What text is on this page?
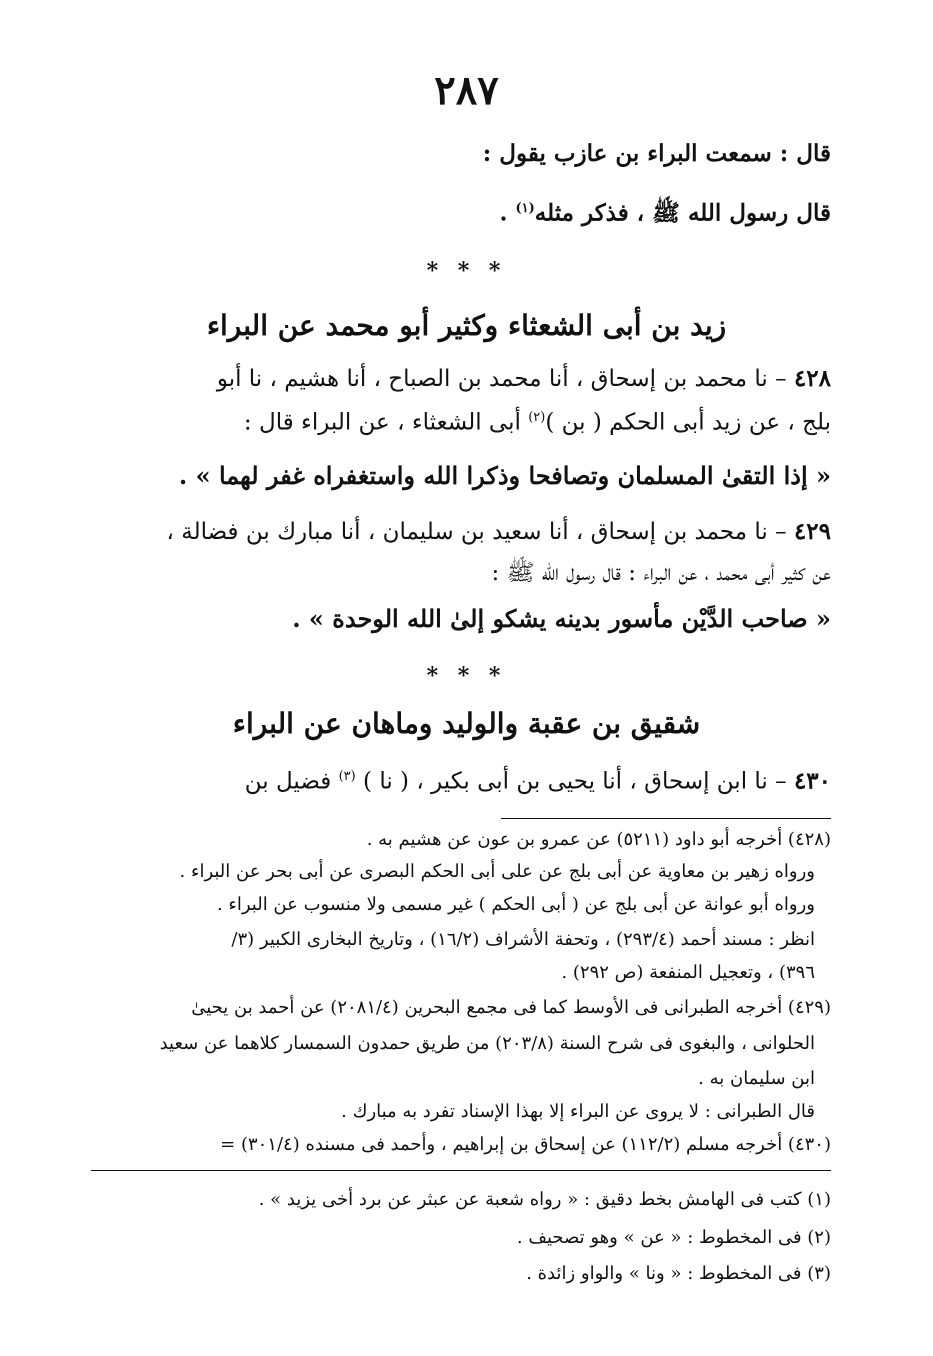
٢٨٧
قال : سمعت البراء بن عازب يقول :
قال رسول الله ﷺ ، فذكر مثله$^{(١)}$ .
* * *
زيد بن أبى الشعثاء وكثير أبو محمد عن البراء
٤٢٨ – نا محمد بن إسحاق ، أنا محمد بن الصباح ، أنا هشيم ، نا أبو
بلج ، عن زيد أبى الحكم ( بن )$^{(٢)}$ أبى الشعثاء ، عن البراء قال :
« إذا التقىٰ المسلمان وتصافحا وذكرا الله واستغفراه غفر لهما » .
٤٢٩ – نا محمد بن إسحاق ، أنا سعيد بن سليمان ، أنا مبارك بن فضالة ،
عن كثير أبى محمد ، عن البراء : قال رسول الله ﷺ :
« صاحب الدَّيْن مأسور بدينه يشكو إلىٰ الله الوحدة » .
* * *
شقيق بن عقبة والوليد وماهان عن البراء
٤٣٠ – نا ابن إسحاق ، أنا يحيى بن أبى بكير ، ( نا ) $^{(٣)}$ فضيل بن
(٤٢٨) أخرجه أبو داود (٥٢١١) عن عمرو بن عون عن هشيم به .
ورواه زهير بن معاوية عن أبى بلج عن على أبى الحكم البصرى عن أبى بحر عن البراء .
ورواه أبو عوانة عن أبى بلج عن ( أبى الحكم ) غير مسمى ولا منسوب عن البراء .
انظر : مسند أحمد (٢٩٣/٤) ، وتحفة الأشراف (١٦/٢) ، وتاريخ البخارى الكبير (٣/
٣٩٦) ، وتعجيل المنفعة (ص ٢٩٢) .
(٤٢٩) أخرجه الطبرانى فى الأوسط كما فى مجمع البحرين (٢٠٨١/٤) عن أحمد بن يحيىٰ
الحلوانى ، والبغوى فى شرح السنة (٢٠٣/٨) من طريق حمدون السمسار كلاهما عن سعيد
ابن سليمان به .
قال الطبرانى : لا يروى عن البراء إلا بهذا الإسناد تفرد به مبارك .
(٤٣٠) أخرجه مسلم (١١٢/٢) عن إسحاق بن إبراهيم ، وأحمد فى مسنده (٣٠١/٤) =
(١) كتب فى الهامش بخط دقيق : « رواه شعبة عن عبثر عن برد أخى يزيد » .
(٢) فى المخطوط : « عن » وهو تصحيف .
(٣) فى المخطوط : « ونا » والواو زائدة .
